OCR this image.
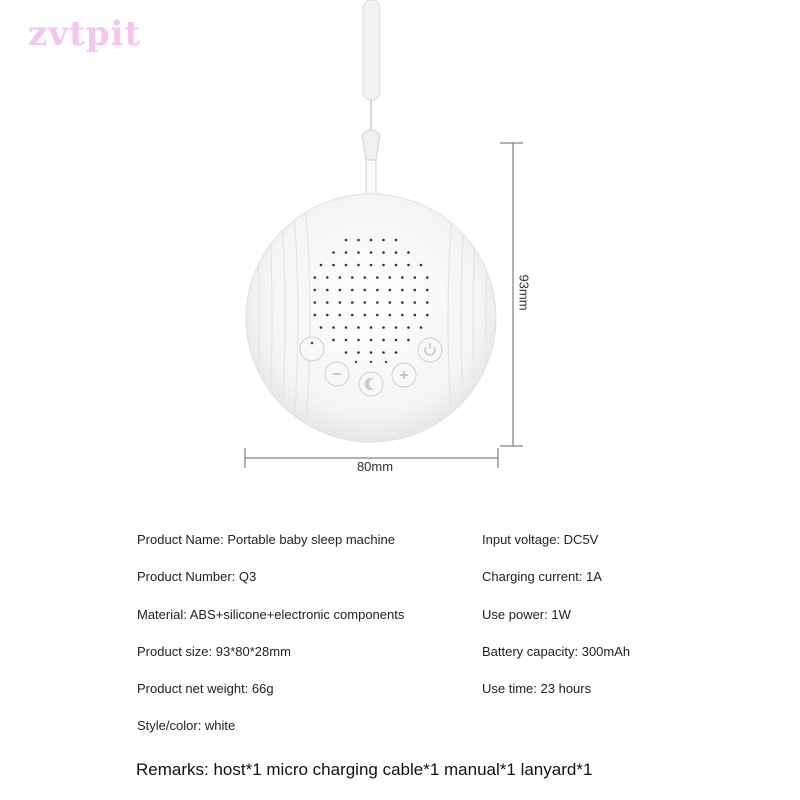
zvtpit
80mm
93mm
Product Name: Portable baby sleep machine
Product Number: Q3
Material: ABS+silicone+electronic components
Product size: 93*80*28mm
Product net weight: 66g
Style/color: white
Input voltage: DC5V
Charging current: 1A
Use power: 1W
Battery capacity: 300mAh
Use time: 23 hours
Remarks: host*1 micro charging cable*1 manual*1 lanyard*1
